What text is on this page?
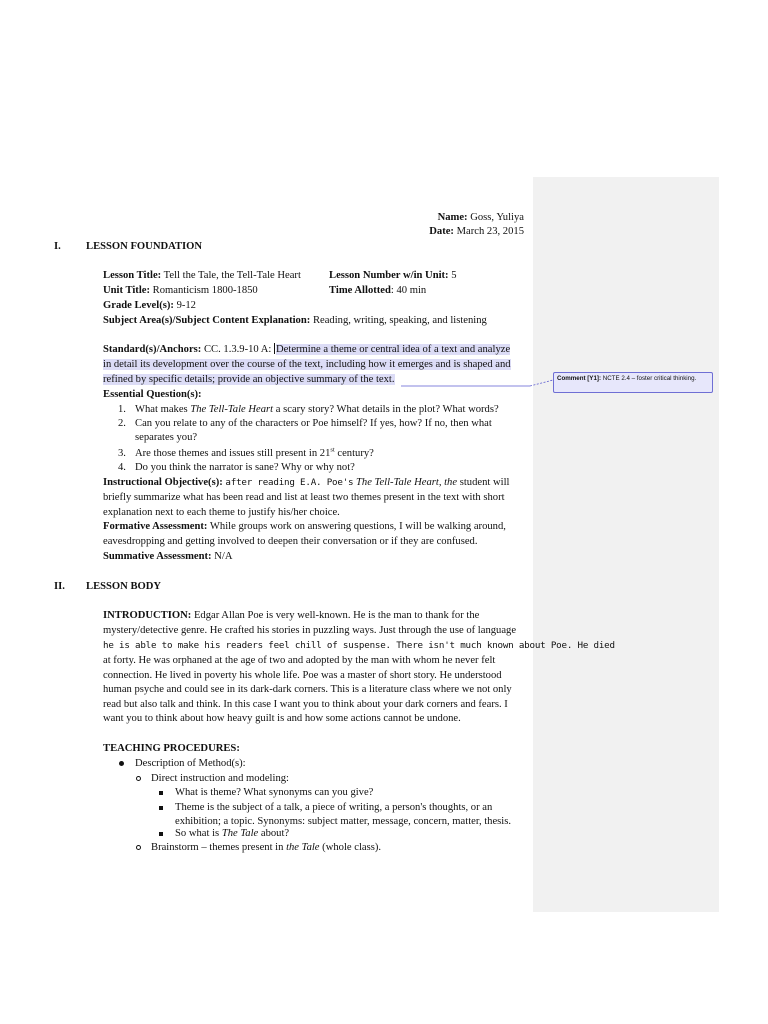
Comment [Y1]: NCTE 2.4 – foster critical thinking.
Name: Goss, Yuliya
Date: March 23, 2015
I. LESSON FOUNDATION
Lesson Title: Tell the Tale, the Tell-Tale Heart	Lesson Number w/in Unit: 5
Unit Title: Romanticism 1800-1850	Time Allotted: 40 min
Grade Level(s): 9-12
Subject Area(s)/Subject Content Explanation: Reading, writing, speaking, and listening
Standard(s)/Anchors: CC. 1.3.9-10 A: Determine a theme or central idea of a text and analyze
in detail its development over the course of the text, including how it emerges and is shaped and
refined by specific details; provide an objective summary of the text.
Essential Question(s):
1. What makes The Tell-Tale Heart a scary story? What details in the plot? What words?
2. Can you relate to any of the characters or Poe himself? If yes, how? If no, then what
separates you?
3. Are those themes and issues still present in 21st century?
4. Do you think the narrator is sane? Why or why not?
Instructional Objective(s): after reading E.A. Poe's The Tell-Tale Heart, the student will
briefly summarize what has been read and list at least two themes present in the text with short
explanation next to each theme to justify his/her choice.
Formative Assessment: While groups work on answering questions, I will be walking around,
eavesdropping and getting involved to deepen their conversation or if they are confused.
Summative Assessment: N/A
II. LESSON BODY
INTRODUCTION: Edgar Allan Poe is very well-known. He is the man to thank for the
mystery/detective genre. He crafted his stories in puzzling ways. Just through the use of language
he is able to make his readers feel chill of suspense. There isn't much known about Poe. He died
at forty. He was orphaned at the age of two and adopted by the man with whom he never felt
connection. He lived in poverty his whole life. Poe was a master of short story. He understood
human psyche and could see in its dark-dark corners. This is a literature class where we not only
read but also talk and think. In this case I want you to think about your dark corners and fears. I
want you to think about how heavy guilt is and how some actions cannot be undone.
TEACHING PROCEDURES:
Description of Method(s):
Direct instruction and modeling:
What is theme? What synonyms can you give?
Theme is the subject of a talk, a piece of writing, a person's thoughts, or an
exhibition; a topic. Synonyms: subject matter, message, concern, matter, thesis.
So what is The Tale about?
Brainstorm – themes present in the Tale (whole class).
